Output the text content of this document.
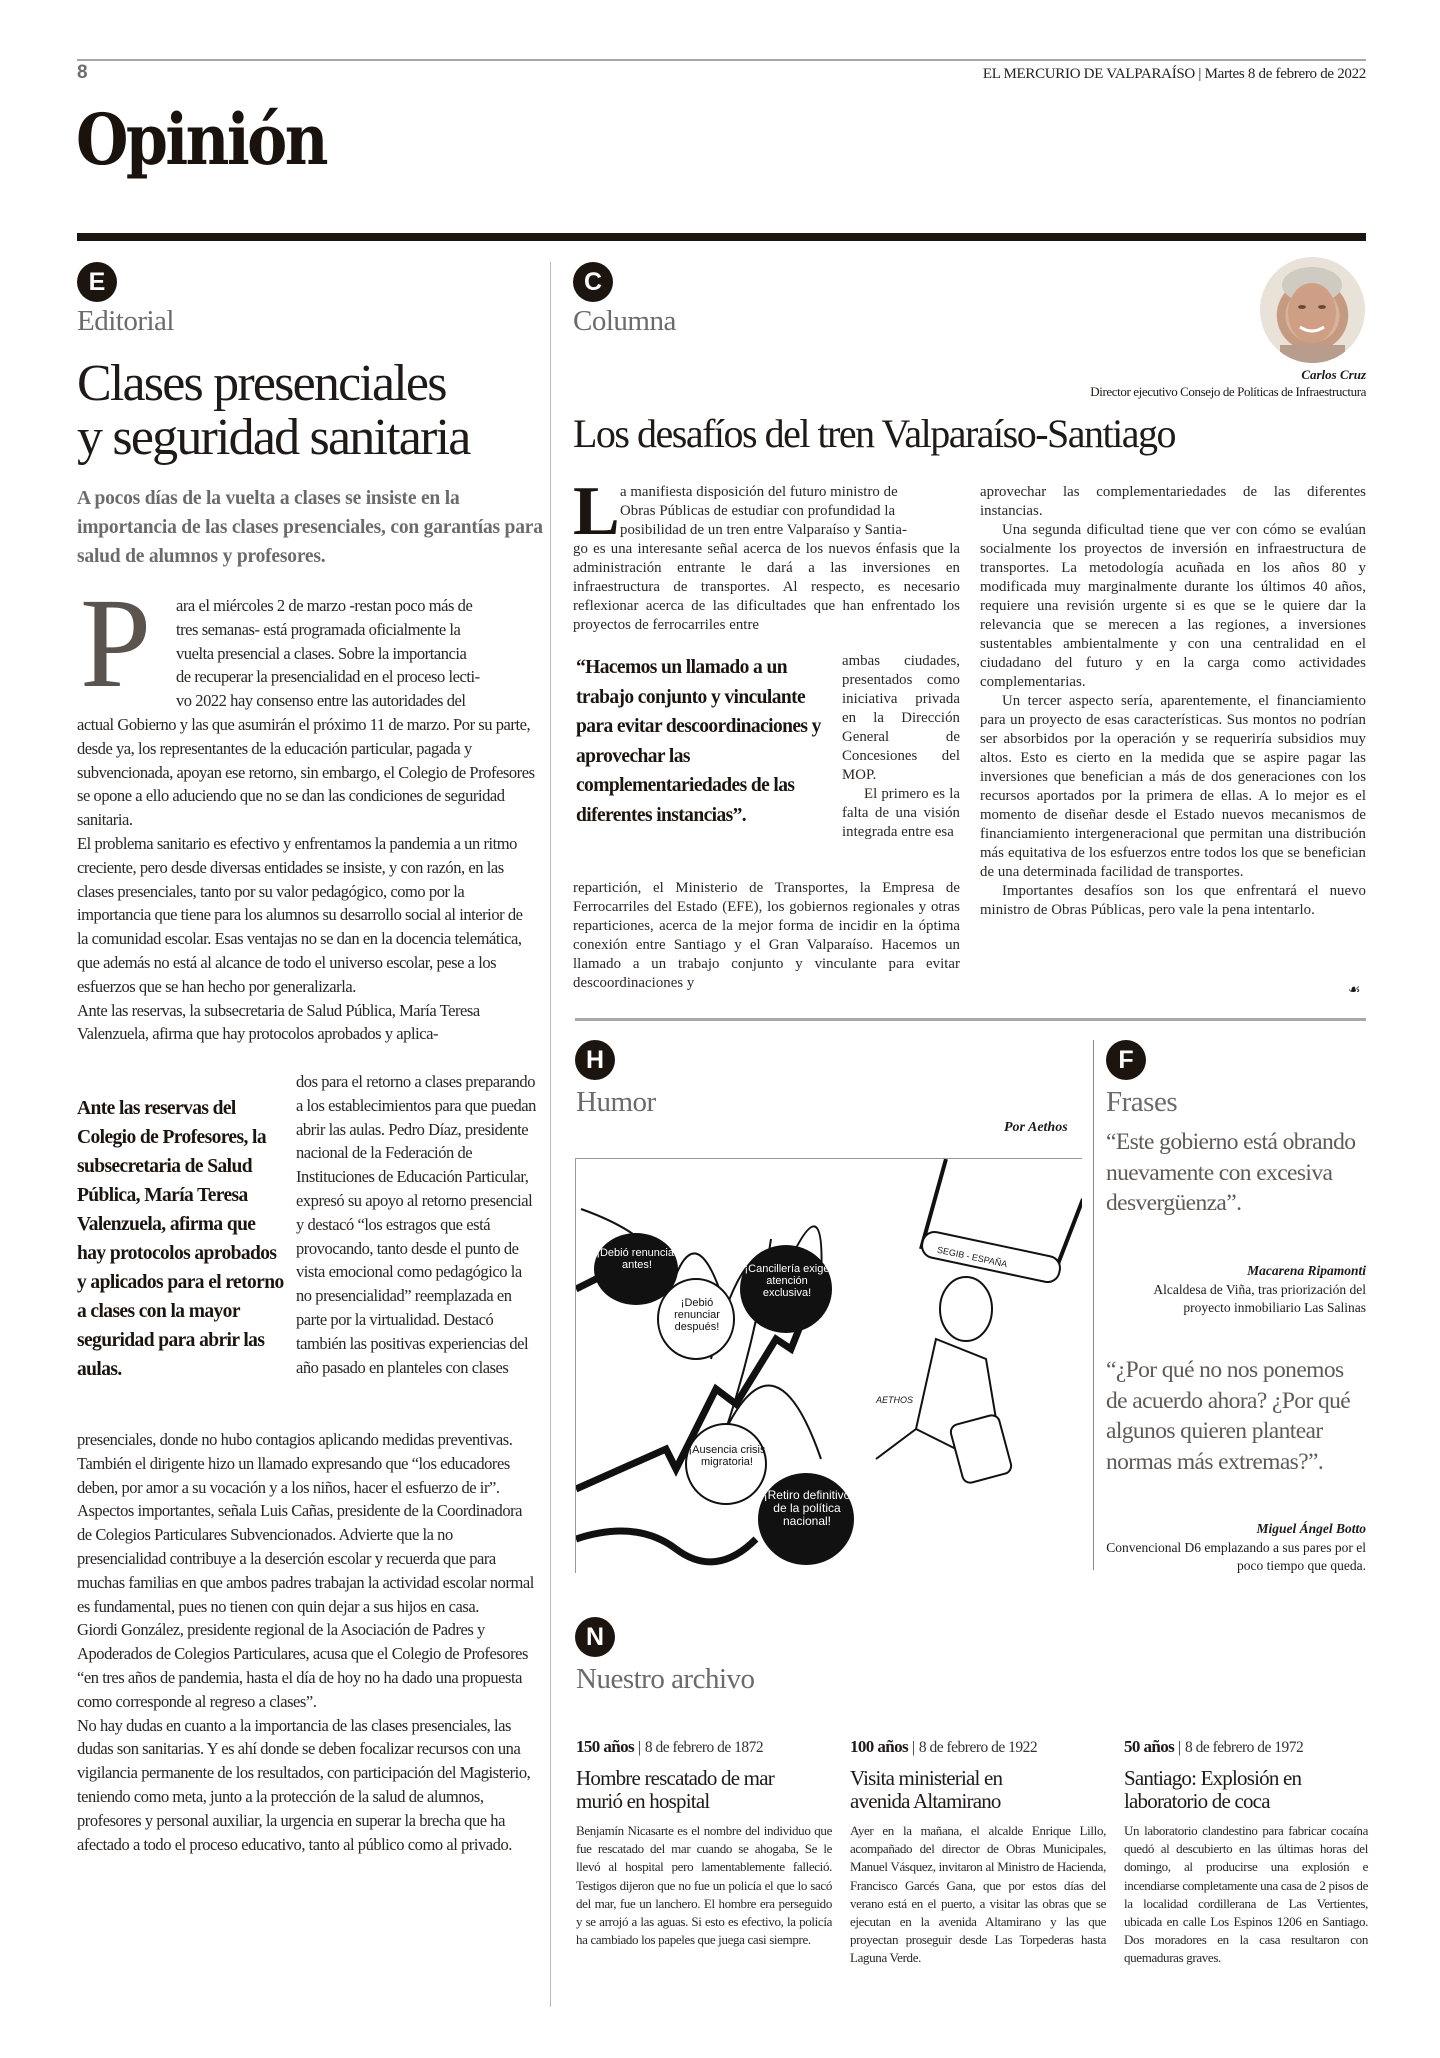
8	EL MERCURIO DE VALPARAÍSO | Martes 8 de febrero de 2022
Opinión
E
Editorial
Clases presenciales
y seguridad sanitaria

A pocos días de la vuelta a clases se insiste en la importancia de las clases presenciales, con garantías para salud de alumnos y profesores.

P ara el miércoles 2 de marzo -restan poco más de
tres semanas- está programada oficialmente la
vuelta presencial a clases. Sobre la importancia
de recuperar la presencialidad en el proceso lecti-
vo 2022 hay consenso entre las autoridades del

actual Gobierno y las que asumirán el próximo 11 de marzo. Por su parte, desde ya, los representantes de la educación particular, pagada y subvencionada, apoyan ese retorno, sin embargo, el Colegio de Profesores se opone a ello aduciendo que no se dan las condiciones de seguridad sanitaria.

El problema sanitario es efectivo y enfrentamos la pandemia a un ritmo creciente, pero desde diversas entidades se insiste, y con razón, en las clases presenciales, tanto por su valor pedagógico, como por la importancia que tiene para los alumnos su desarrollo social al interior de la comunidad escolar. Esas ventajas no se dan en la docencia telemática, que además no está al alcance de todo el universo escolar, pese a los esfuerzos que se han hecho por generalizarla.

Ante las reservas, la subsecretaria de Salud Pública, María Teresa Valenzuela, afirma que hay protocolos aprobados y aplica-

Ante las reservas del Colegio de Profesores, la subsecretaria de Salud Pública, María Teresa Valenzuela, afirma que hay protocolos aprobados y aplicados para el retorno a clases con la mayor seguridad para abrir las aulas.

dos para el retorno a clases preparando a los establecimientos para que puedan abrir las aulas. Pedro Díaz, presidente nacional de la Federación de Instituciones de Educación Particular, expresó su apoyo al retorno presencial y destacó “los estragos que está provocando, tanto desde el punto de vista emocional como pedagógico la no presencialidad” reemplazada en parte por la virtualidad. Destacó también las positivas experiencias del año pasado en planteles con clases

presenciales, donde no hubo contagios aplicando medidas preventivas. También el dirigente hizo un llamado expresando que “los educadores deben, por amor a su vocación y a los niños, hacer el esfuerzo de ir”.

Aspectos importantes, señala Luis Cañas, presidente de la Coordinadora de Colegios Particulares Subvencionados. Advierte que la no presencialidad contribuye a la deserción escolar y recuerda que para muchas familias en que ambos padres trabajan la actividad escolar normal es fundamental, pues no tienen con quin dejar a sus hijos en casa.

Giordi González, presidente regional de la Asociación de Padres y Apoderados de Colegios Particulares, acusa que el Colegio de Profesores “en tres años de pandemia, hasta el día de hoy no ha dado una propuesta como corresponde al regreso a clases”.

No hay dudas en cuanto a la importancia de las clases presenciales, las dudas son sanitarias. Y es ahí donde se deben focalizar recursos con una vigilancia permanente de los resultados, con participación del Magisterio, teniendo como meta, junto a la protección de la salud de alumnos, profesores y personal auxiliar, la urgencia en superar la brecha que ha afectado a todo el proceso educativo, tanto al público como al privado.

C
Columna
Carlos Cruz
Director ejecutivo Consejo de Políticas de Infraestructura
Los desafíos del tren Valparaíso-Santiago
L a manifiesta disposición del futuro ministro de
Obras Públicas de estudiar con profundidad la
posibilidad de un tren entre Valparaíso y Santia-
go es una interesante señal acerca de los nuevos énfasis que la administración entrante le dará a las inversiones en infraestructura de transportes. Al respecto, es necesario reflexionar acerca de las dificultades que han enfrentado los proyectos de ferrocarriles entre
“Hacemos un llamado a un trabajo conjunto y vinculante para evitar descoordinaciones y aprovechar las complementariedades de las diferentes instancias”.

ambas ciudades, presentados como iniciativa privada en la Dirección General de Concesiones del MOP.

El primero es la falta de una visión integrada entre esa

repartición, el Ministerio de Transportes, la Empresa de Ferrocarriles del Estado (EFE), los gobiernos regionales y otras reparticiones, acerca de la mejor forma de incidir en la óptima conexión entre Santiago y el Gran Valparaíso. Hacemos un llamado a un trabajo conjunto y vinculante para evitar descoordinaciones y

aprovechar las complementariedades de las diferentes instancias.

Una segunda dificultad tiene que ver con cómo se evalúan socialmente los proyectos de inversión en infraestructura de transportes. La metodología acuñada en los años 80 y modificada muy marginalmente durante los últimos 40 años, requiere una revisión urgente si es que se le quiere dar la relevancia que se merecen a las regiones, a inversiones sustentables ambientalmente y con una centralidad en el ciudadano del futuro y en la carga como actividades complementarias.

Un tercer aspecto sería, aparentemente, el financiamiento para un proyecto de esas características. Sus montos no podrían ser absorbidos por la operación y se requeriría subsidios muy altos. Esto es cierto en la medida que se aspire pagar las inversiones que benefician a más de dos generaciones con los recursos aportados por la primera de ellas. A lo mejor es el momento de diseñar desde el Estado nuevos mecanismos de financiamiento intergeneracional que permitan una distribución más equitativa de los esfuerzos entre todos los que se benefician de una determinada facilidad de transportes.

Importantes desafíos son los que enfrentará el nuevo ministro de Obras Públicas, pero vale la pena intentarlo.

☙
H
Humor
Por Aethos
¡Debió renunciar antes!
¡Debió renunciar después!
¡Cancillería exige atención exclusiva!
¡Ausencia crisis migratoria!
¡Retiro definitivo de la política nacional!
SEGIB - ESPAÑA
AETHOS
F
Frases
“Este gobierno está obrando nuevamente con excesiva desvergüenza”.
Macarena Ripamonti
Alcaldesa de Viña, tras priorización del proyecto inmobiliario Las Salinas
“¿Por qué no nos ponemos de acuerdo ahora? ¿Por qué algunos quieren plantear normas más extremas?”.
Miguel Ángel Botto
Convencional D6 emplazando a sus pares por el poco tiempo que queda.
N
Nuestro archivo
150 años | 8 de febrero de 1872
Hombre rescatado de mar murió en hospital
Benjamín Nicasarte es el nombre del individuo que fue rescatado del mar cuando se ahogaba, Se le llevó al hospital pero lamentablemente falleció. Testigos dijeron que no fue un policía el que lo sacó del mar, fue un lanchero. El hombre era perseguido y se arrojó a las aguas. Si esto es efectivo, la policía ha cambiado los papeles que juega casi siempre.
100 años | 8 de febrero de 1922
Visita ministerial en avenida Altamirano
Ayer en la mañana, el alcalde Enrique Lillo, acompañado del director de Obras Municipales, Manuel Vásquez, invitaron al Ministro de Hacienda, Francisco Garcés Gana, que por estos días del verano está en el puerto, a visitar las obras que se ejecutan en la avenida Altamirano y las que proyectan proseguir desde Las Torpederas hasta Laguna Verde.
50 años | 8 de febrero de 1972
Santiago: Explosión en laboratorio de coca
Un laboratorio clandestino para fabricar cocaína quedó al descubierto en las últimas horas del domingo, al producirse una explosión e incendiarse completamente una casa de 2 pisos de la localidad cordillerana de Las Vertientes, ubicada en calle Los Espinos 1206 en Santiago. Dos moradores en la casa resultaron con quemaduras graves.
